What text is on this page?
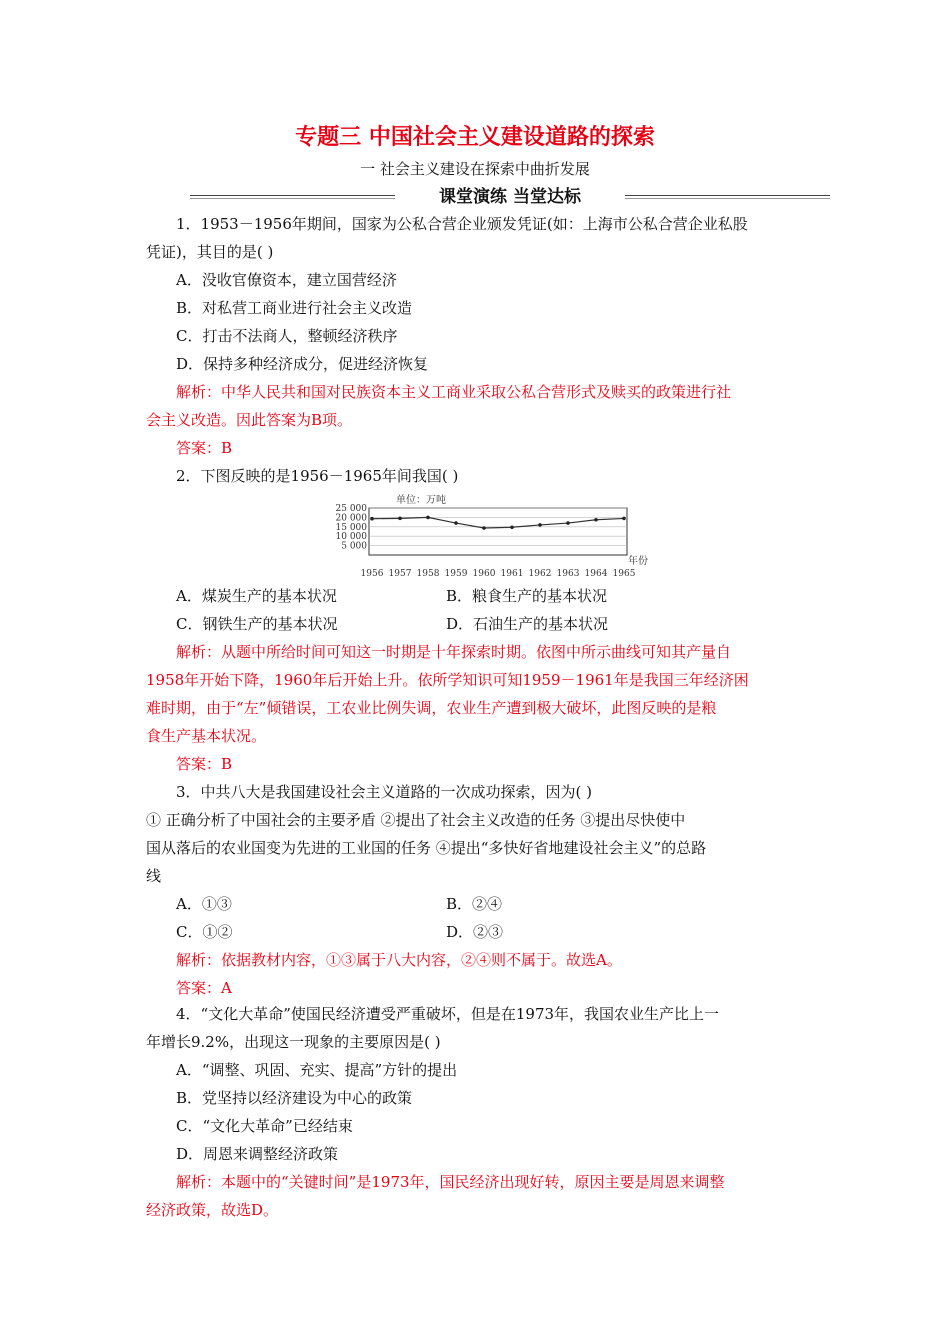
专题三 中国社会主义建设道路的探索
一 社会主义建设在探索中曲折发展
课堂演练 当堂达标
1．1953－1956年期间，国家为公私合营企业颁发凭证(如：上海市公私合营企业私股
凭证)，其目的是( )
A．没收官僚资本，建立国营经济
B．对私营工商业进行社会主义改造
C．打击不法商人，整顿经济秩序
D．保持多种经济成分，促进经济恢复
解析：中华人民共和国对民族资本主义工商业采取公私合营形式及赎买的政策进行社
会主义改造。因此答案为B项。
答案：B
2．下图反映的是1956－1965年间我国( )
单位：万吨
25 000
20 000
15 000
10 000
5 000
1956 1957 1958 1959 1960 1961 1962 1963 1964 1965
年份
A．煤炭生产的基本状况	B．粮食生产的基本状况
C．钢铁生产的基本状况	D．石油生产的基本状况
解析：从题中所给时间可知这一时期是十年探索时期。依图中所示曲线可知其产量自
1958年开始下降，1960年后开始上升。依所学知识可知1959－1961年是我国三年经济困
难时期，由于“左”倾错误，工农业比例失调，农业生产遭到极大破坏，此图反映的是粮
食生产基本状况。
答案：B
3．中共八大是我国建设社会主义道路的一次成功探索，因为( )
① 正确分析了中国社会的主要矛盾 ②提出了社会主义改造的任务 ③提出尽快使中
国从落后的农业国变为先进的工业国的任务 ④提出“多快好省地建设社会主义”的总路
线
A．①③	B．②④
C．①②	D．②③
解析：依据教材内容，①③属于八大内容，②④则不属于。故选A。
答案：A
4．“文化大革命”使国民经济遭受严重破坏，但是在1973年，我国农业生产比上一
年增长9.2%，出现这一现象的主要原因是( )
A．“调整、巩固、充实、提高”方针的提出
B．党坚持以经济建设为中心的政策
C．“文化大革命”已经结束
D．周恩来调整经济政策
解析：本题中的“关键时间”是1973年，国民经济出现好转，原因主要是周恩来调整
经济政策，故选D。
